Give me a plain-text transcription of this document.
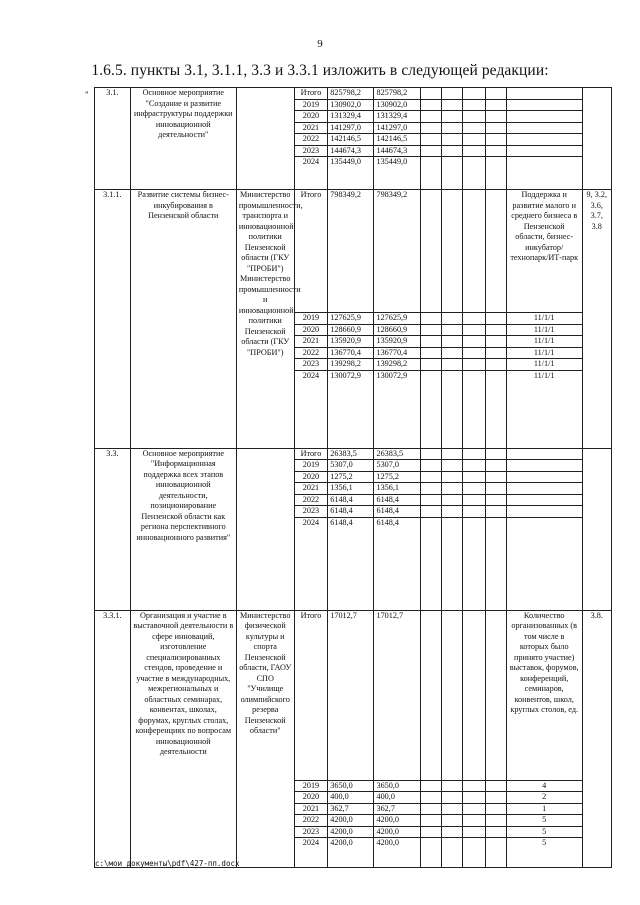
9
1.6.5. пункты 3.1, 3.1.1, 3.3 и 3.3.1 изложить в следующей редакции:
" 3.1.	Основное мероприятие "Создание и развитие инфраструктуры поддержки инновационной деятельности"		Итого	825798,2	825798,2						
			2019	130902,0	130902,0						
			2020	131329,4	131329,4						
			2021	141297,0	141297,0						
			2022	142146,5	142146,5						
			2023	144674,3	144674,3						
			2024	135449,0	135449,0						
3.1.1.	Развитие системы бизнес-инкубирования в Пензенской области	Министерство промышленности, транспорта и инновационной политики Пензенской области (ГКУ "ПРОБИ") Министерство промышленности и инновационной политики Пензенской области (ГКУ "ПРОБИ")	Итого	798349,2	798349,2					Поддержка и развитие малого и среднего бизнеса в Пензенской области, бизнес-инкубатор/технопарк/ИТ-парк	9, 3.2, 3.6, 3.7, 3.8
			2019	127625,9	127625,9					11/1/1	
			2020	128660,9	128660,9					11/1/1	
			2021	135920,9	135920,9					11/1/1	
			2022	136770,4	136770,4					11/1/1	
			2023	139298,2	139298,2					11/1/1	
			2024	130072,9	130072,9					11/1/1	
3.3.	Основное мероприятие "Информационная поддержка всех этапов инновационной деятельности, позиционирование Пензенской области как региона перспективного инновационного развития"		Итого	26383,5	26383,5						
			2019	5307,0	5307,0						
			2020	1275,2	1275,2						
			2021	1356,1	1356,1						
			2022	6148,4	6148,4						
			2023	6148,4	6148,4						
			2024	6148,4	6148,4						
3.3.1.	Организация и участие в выставочной деятельности в сфере инноваций, изготовление специализированных стендов, проведение и участие в международных, межрегиональных и областных семинарах, конвентах, школах, форумах, круглых столах, конференциях по вопросам инновационной деятельности	Министерство физической культуры и спорта Пензенской области, ГАОУ СПО "Училище олимпийского резерва Пензенской области"	Итого	17012,7	17012,7					Количество организованных (в том числе в которых было принято участие) выставок, форумов, конференций, семинаров, конвентов, школ, круглых столов, ед.	3.8.
			2019	3650,0	3650,0					4	
			2020	400,0	400,0					2	
			2021	362,7	362,7					1	
			2022	4200,0	4200,0					5	
			2023	4200,0	4200,0					5	
			2024	4200,0	4200,0					5	
c:\мои документы\pdf\427-пп.docx
